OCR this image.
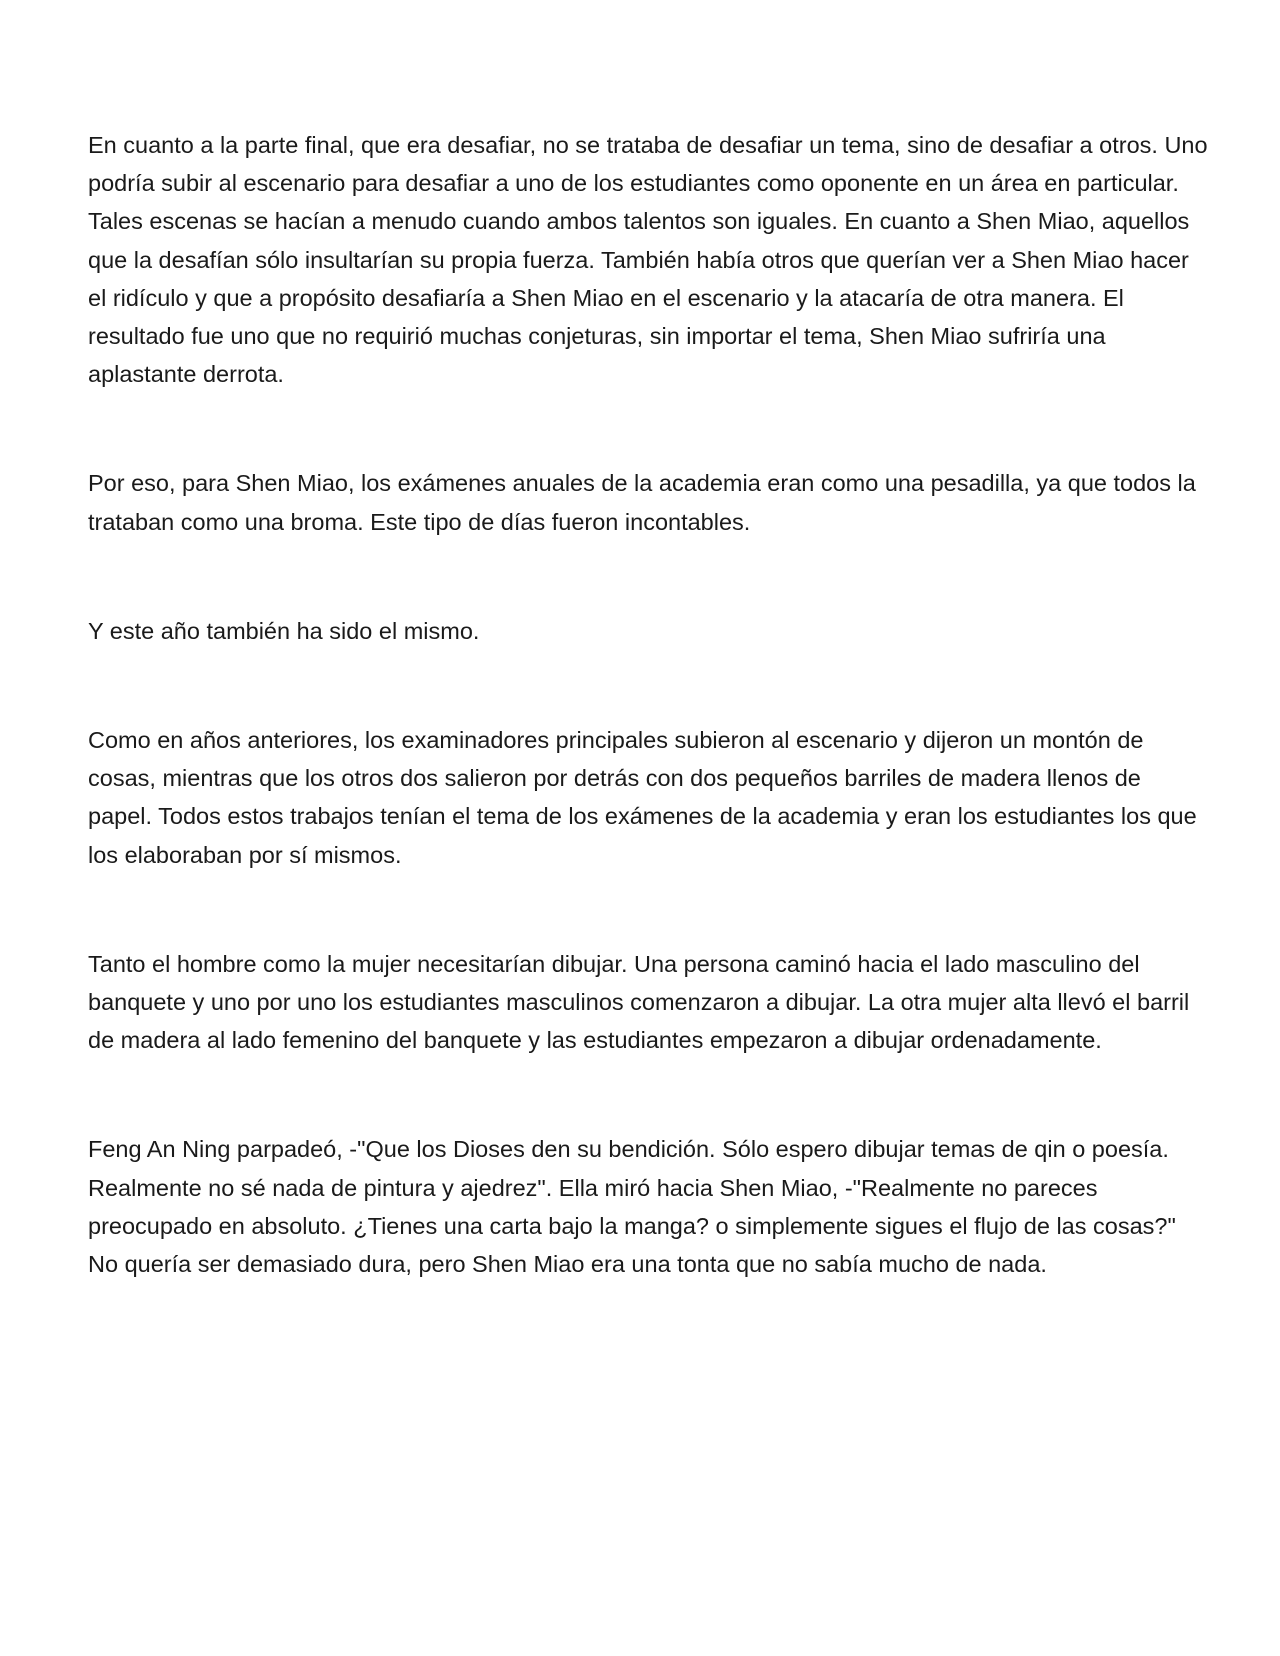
En cuanto a la parte final, que era desafiar, no se trataba de desafiar un tema, sino de desafiar a otros. Uno podría subir al escenario para desafiar a uno de los estudiantes como oponente en un área en particular. Tales escenas se hacían a menudo cuando ambos talentos son iguales. En cuanto a Shen Miao, aquellos que la desafían sólo insultarían su propia fuerza. También había otros que querían ver a Shen Miao hacer el ridículo y que a propósito desafiaría a Shen Miao en el escenario y la atacaría de otra manera. El resultado fue uno que no requirió muchas conjeturas, sin importar el tema, Shen Miao sufriría una aplastante derrota.

Por eso, para Shen Miao, los exámenes anuales de la academia eran como una pesadilla, ya que todos la trataban como una broma. Este tipo de días fueron incontables.

Y este año también ha sido el mismo.

Como en años anteriores, los examinadores principales subieron al escenario y dijeron un montón de cosas, mientras que los otros dos salieron por detrás con dos pequeños barriles de madera llenos de papel. Todos estos trabajos tenían el tema de los exámenes de la academia y eran los estudiantes los que los elaboraban por sí mismos.

Tanto el hombre como la mujer necesitarían dibujar. Una persona caminó hacia el lado masculino del banquete y uno por uno los estudiantes masculinos comenzaron a dibujar. La otra mujer alta llevó el barril de madera al lado femenino del banquete y las estudiantes empezaron a dibujar ordenadamente.

Feng An Ning parpadeó, -"Que los Dioses den su bendición. Sólo espero dibujar temas de qin o poesía. Realmente no sé nada de pintura y ajedrez". Ella miró hacia Shen Miao, -"Realmente no pareces preocupado en absoluto. ¿Tienes una carta bajo la manga? o simplemente sigues el flujo de las cosas?" No quería ser demasiado dura, pero Shen Miao era una tonta que no sabía mucho de nada.
